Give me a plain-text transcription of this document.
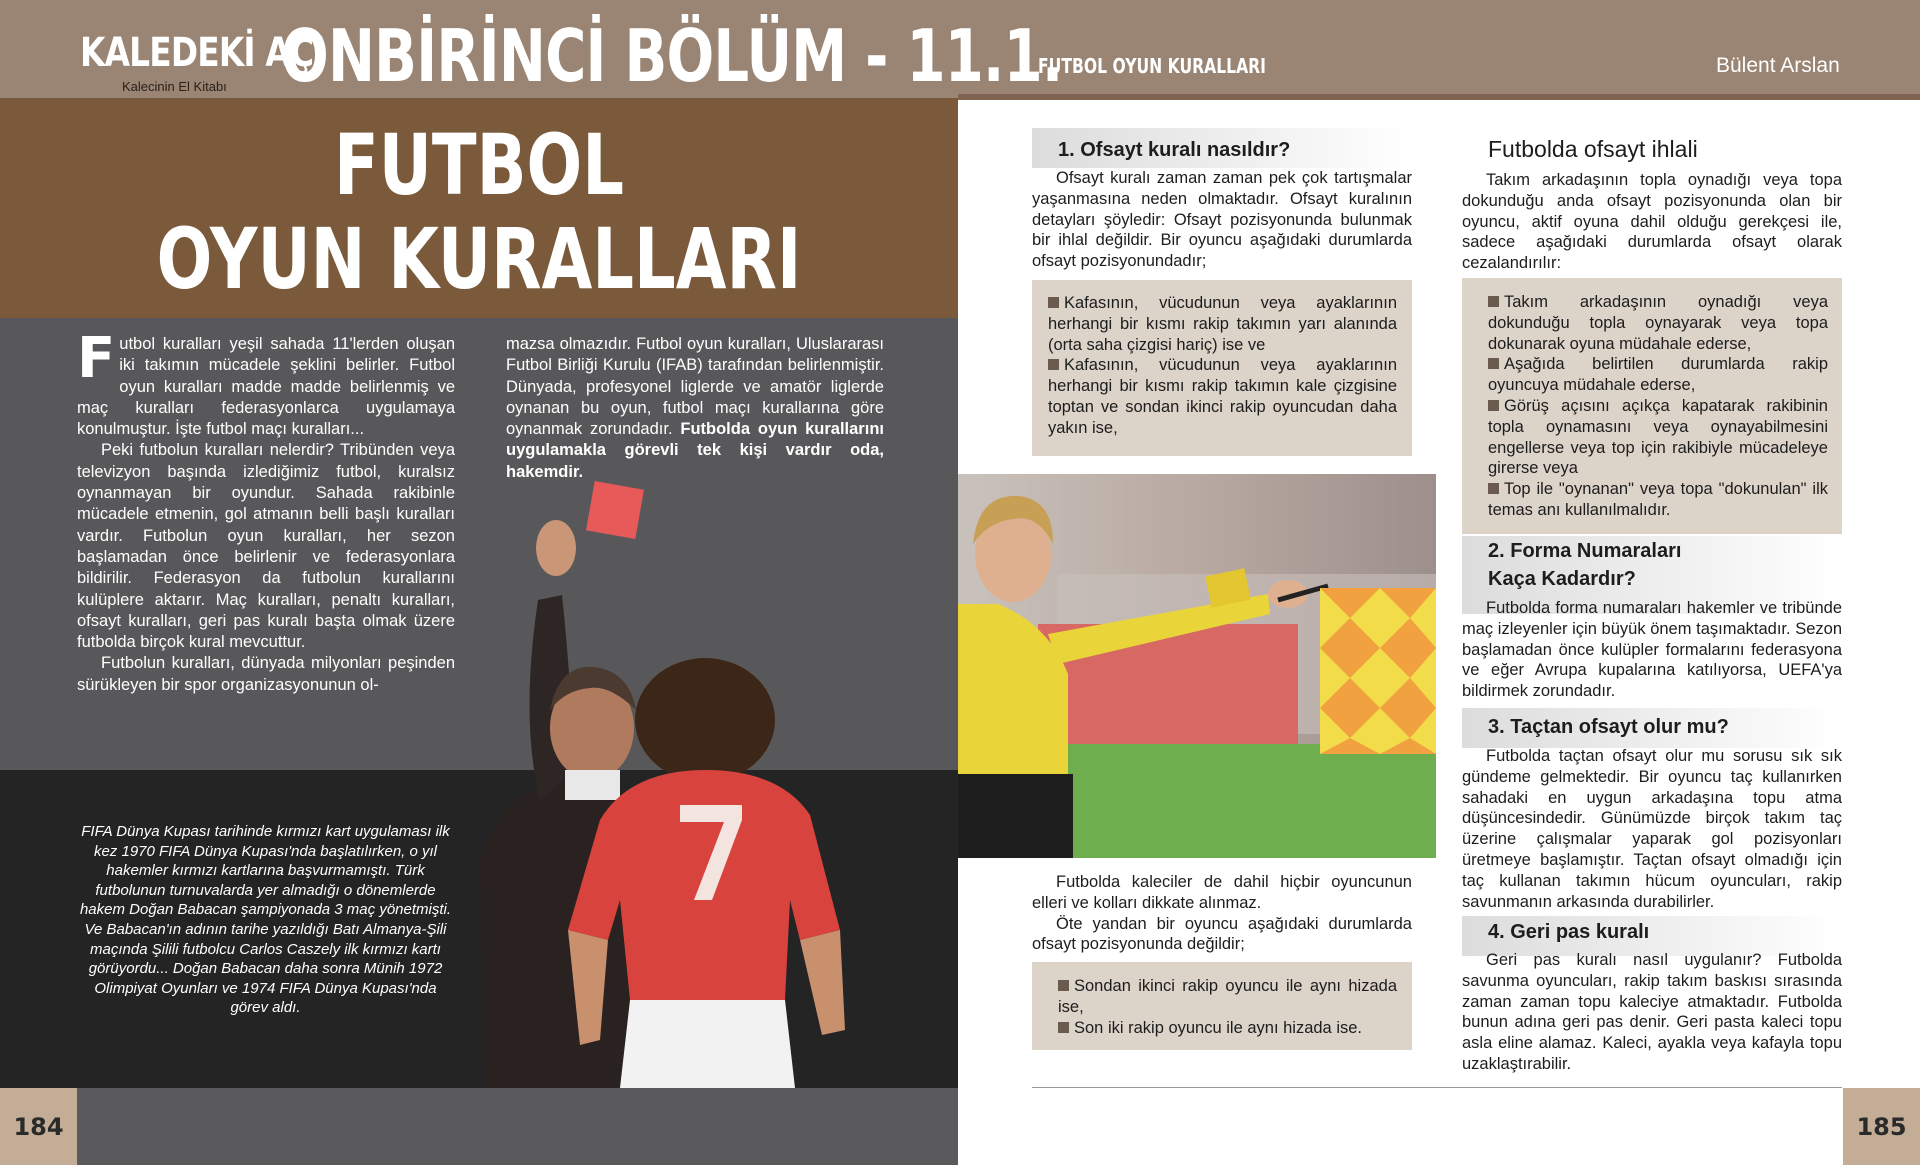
KALEDEKİ AÇI
Kalecinin El Kitabı ONBİRİNCİ BÖLÜM - 11.1.
FUTBOL OYUN KURALLARI	Bülent Arslan
FUTBOL
OYUN KURALLARI

Futbol kuralları yeşil sahada 11'lerden oluşan iki takımın mücadele şeklini belirler. Futbol oyun kuralları madde madde belirlenmiş ve maç kuralları federasyonlarca uygulamaya konulmuştur. İşte futbol maçı kuralları...

Peki futbolun kuralları nelerdir? Tribünden veya televizyon başında izlediğimiz futbol, kuralsız oynanmayan bir oyundur. Sahada rakibinle mücadele etmenin, gol atmanın belli başlı kuralları vardır. Futbolun oyun kuralları, her sezon başlamadan önce belirlenir ve federasyonlara bildirilir. Federasyon da futbolun kurallarını kulüplere aktarır. Maç kuralları, penaltı kuralları, ofsayt kuralları, geri pas kuralı başta olmak üzere futbolda birçok kural mevcuttur.

Futbolun kuralları, dünyada milyonları peşinden sürükleyen bir spor organizasyonunun ol-

mazsa olmazıdır. Futbol oyun kuralları, Uluslararası Futbol Birliği Kurulu (IFAB) tarafından belirlenmiştir. Dünyada, profesyonel liglerde ve amatör liglerde oynanan bu oyun, futbol maçı kurallarına göre oynanmak zorundadır. Futbolda oyun kurallarını uygulamakla görevli tek kişi vardır oda, hakemdir.

FIFA Dünya Kupası tarihinde kırmızı kart uygulaması ilk kez 1970 FIFA Dünya Kupası'nda başlatılırken, o yıl hakemler kırmızı kartlarına başvurmamıştı. Türk futbolunun turnuvalarda yer almadığı o dönemlerde hakem Doğan Babacan şampiyonada 3 maç yönetmişti. Ve Babacan'ın adının tarihe yazıldığı Batı Almanya-Şili maçında Şilili futbolcu Carlos Caszely ilk kırmızı kartı görüyordu... Doğan Babacan daha sonra Münih 1972 Olimpiyat Oyunları ve 1974 FIFA Dünya Kupası'nda görev aldı.
184
1. Ofsayt kuralı nasıldır?
Ofsayt kuralı zaman zaman pek çok tartışmalar yaşanmasına neden olmaktadır. Ofsayt kuralının detayları şöyledir: Ofsayt pozisyonunda bulunmak bir ihlal değildir. Bir oyuncu aşağıdaki durumlarda ofsayt pozisyonundadır;

Kafasının, vücudunun veya ayaklarının herhangi bir kısmı rakip takımın yarı alanında (orta saha çizgisi hariç) ise ve

Kafasının, vücudunun veya ayaklarının herhangi bir kısmı rakip takımın kale çizgisine toptan ve sondan ikinci rakip oyuncudan daha yakın ise,

Futbolda kaleciler de dahil hiçbir oyuncunun elleri ve kolları dikkate alınmaz.

Öte yandan bir oyuncu aşağıdaki durumlarda ofsayt pozisyonunda değildir;

Sondan ikinci rakip oyuncu ile aynı hizada ise,

Son iki rakip oyuncu ile aynı hizada ise.

Futbolda ofsayt ihlali
Takım arkadaşının topla oynadığı veya topa dokunduğu anda ofsayt pozisyonunda olan bir oyuncu, aktif oyuna dahil olduğu gerekçesi ile, sadece aşağıdaki durumlarda ofsayt olarak cezalandırılır:

Takım arkadaşının oynadığı veya dokunduğu topla oynayarak veya topa dokunarak oyuna müdahale ederse,

Aşağıda belirtilen durumlarda rakip oyuncuya müdahale ederse,

Görüş açısını açıkça kapatarak rakibinin topla oynamasını veya oynayabilmesini engellerse veya top için rakibiyle mücadeleye girerse veya

Top ile "oynanan" veya topa "dokunulan" ilk temas anı kullanılmalıdır.

2. Forma Numaraları
Kaça Kadardır?
Futbolda forma numaraları hakemler ve tribünde maç izleyenler için büyük önem taşımaktadır. Sezon başlamadan önce kulüpler formalarını federasyona ve eğer Avrupa kupalarına katılıyorsa, UEFA'ya bildirmek zorundadır.
3. Taçtan ofsayt olur mu?
Futbolda taçtan ofsayt olur mu sorusu sık sık gündeme gelmektedir. Bir oyuncu taç kullanırken sahadaki en uygun arkadaşına topu atma düşüncesindedir. Günümüzde birçok takım taç üzerine çalışmalar yaparak gol pozisyonları üretmeye başlamıştır. Taçtan ofsayt olmadığı için taç kullanan takımın hücum oyuncuları, rakip savunmanın arkasında durabilirler.
4. Geri pas kuralı
Geri pas kuralı nasıl uygulanır? Futbolda savunma oyuncuları, rakip takım baskısı sırasında zaman zaman topu kaleciye atmaktadır. Futbolda bunun adına geri pas denir. Geri pasta kaleci topu asla eline alamaz. Kaleci, ayakla veya kafayla topu uzaklaştırabilir.
185
